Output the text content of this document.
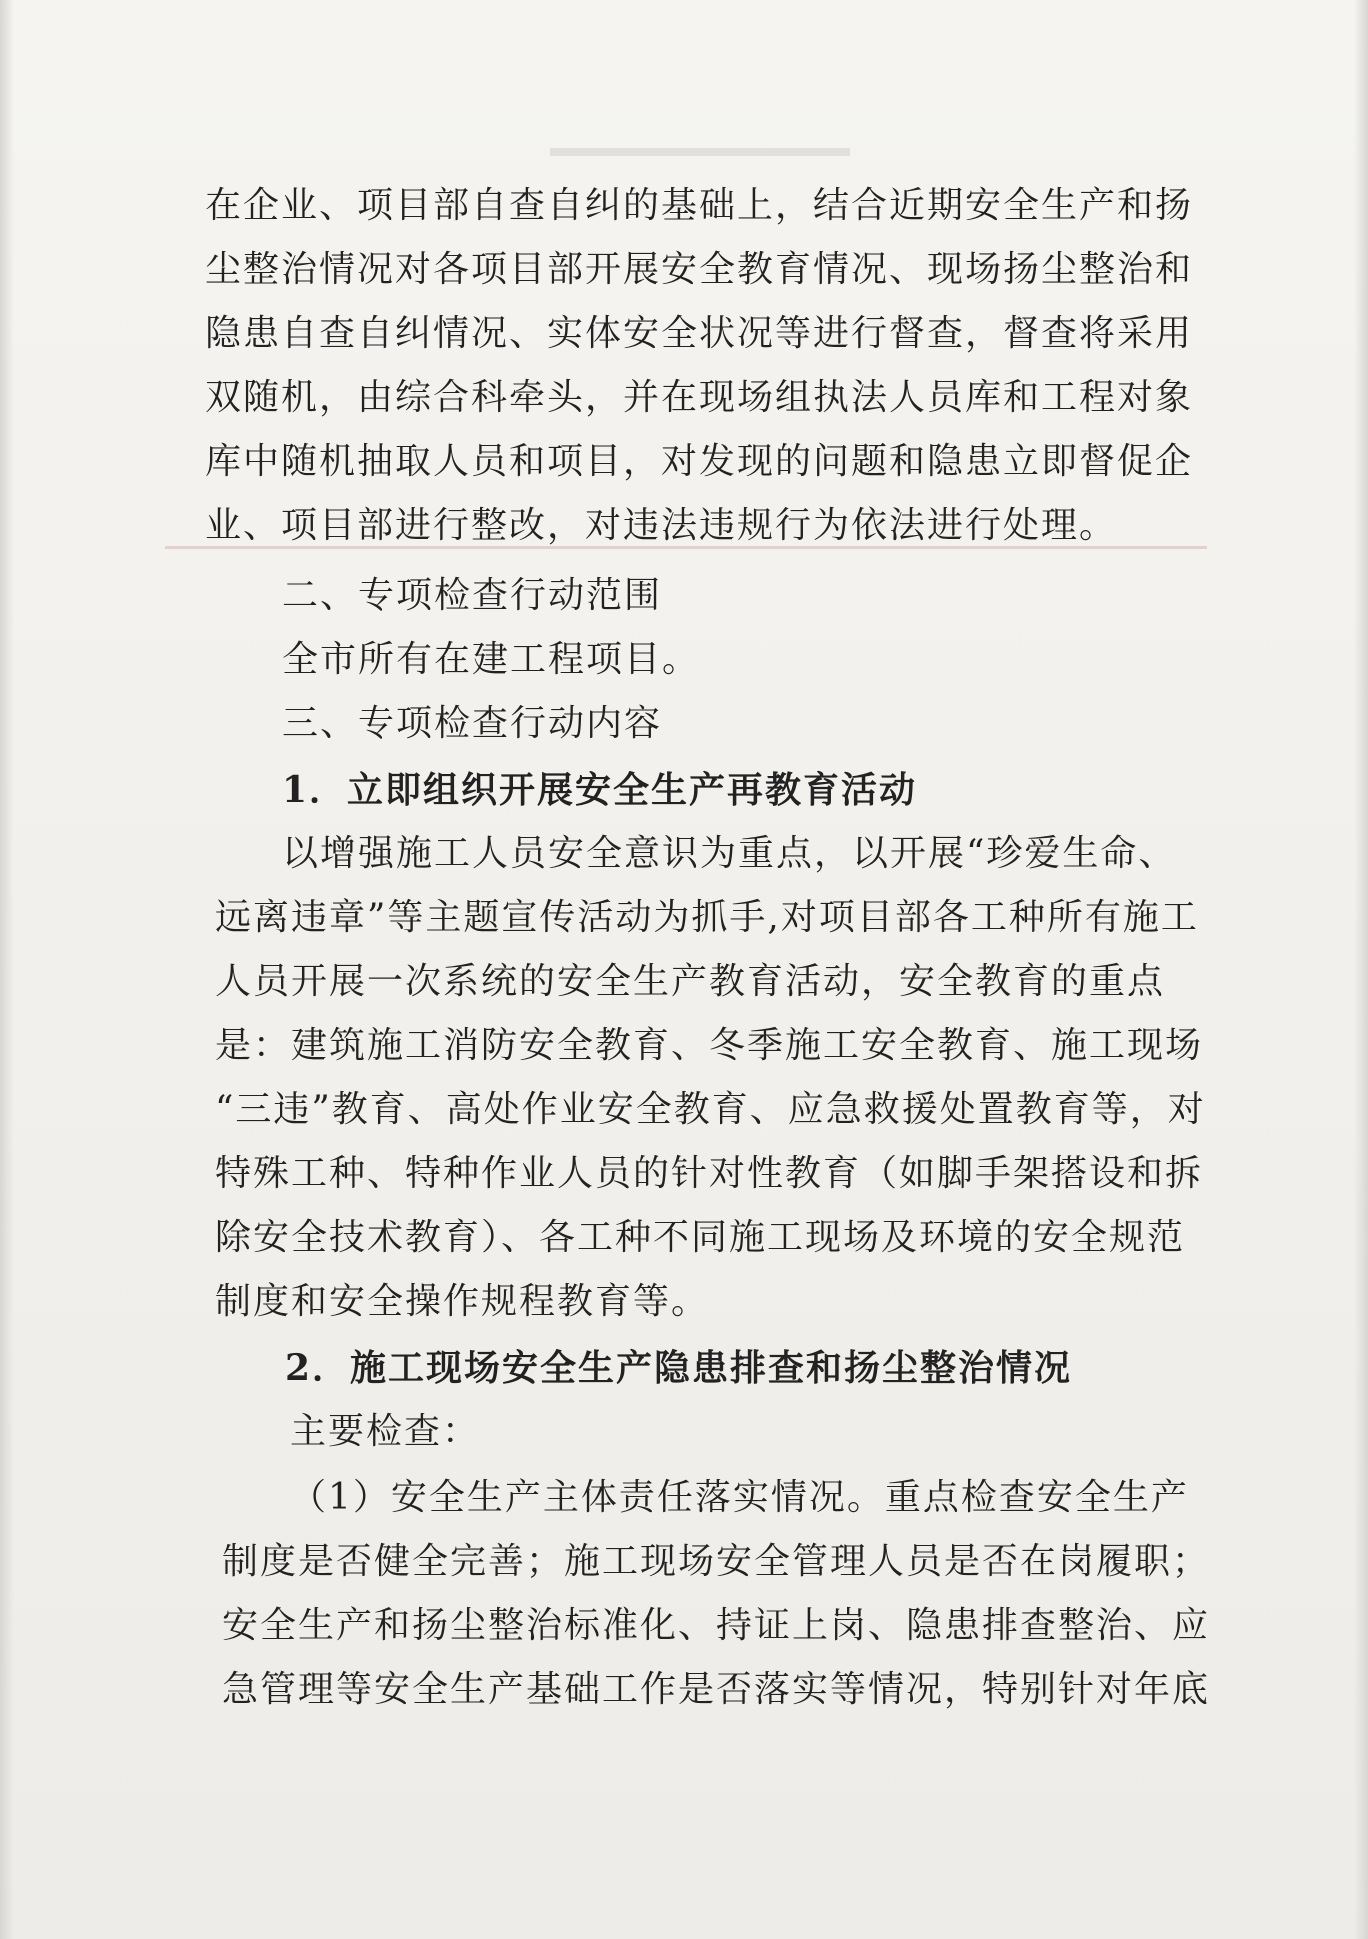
在企业、项目部自查自纠的基础上，结合近期安全生产和扬
尘整治情况对各项目部开展安全教育情况、现场扬尘整治和
隐患自查自纠情况、实体安全状况等进行督查，督查将采用
双随机，由综合科牵头，并在现场组执法人员库和工程对象
库中随机抽取人员和项目，对发现的问题和隐患立即督促企
业、项目部进行整改，对违法违规行为依法进行处理。
二、专项检查行动范围
全市所有在建工程项目。
三、专项检查行动内容
1．立即组织开展安全生产再教育活动
以增强施工人员安全意识为重点，以开展“珍爱生命、
远离违章”等主题宣传活动为抓手,对项目部各工种所有施工
人员开展一次系统的安全生产教育活动，安全教育的重点
是：建筑施工消防安全教育、冬季施工安全教育、施工现场
“三违”教育、高处作业安全教育、应急救援处置教育等，对
特殊工种、特种作业人员的针对性教育（如脚手架搭设和拆
除安全技术教育）、各工种不同施工现场及环境的安全规范
制度和安全操作规程教育等。
2．施工现场安全生产隐患排查和扬尘整治情况
主要检查：
（1）安全生产主体责任落实情况。重点检查安全生产
制度是否健全完善；施工现场安全管理人员是否在岗履职；
安全生产和扬尘整治标准化、持证上岗、隐患排查整治、应
急管理等安全生产基础工作是否落实等情况，特别针对年底
